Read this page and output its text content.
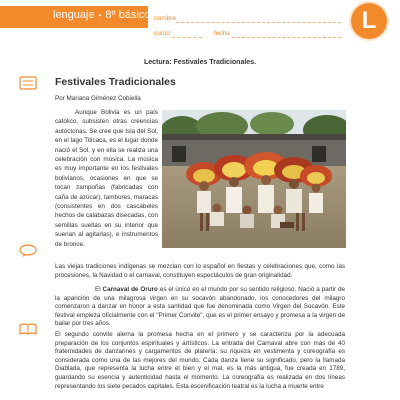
lenguaje • 8º básico nombre
curso	fecha	L
Lectura: Festivales Tradicionales.
Festivales Tradicionales
Por Mariana Giménez Cobiella
Aunque Bolivia es un país católico, subsisten otras creencias autóctonas. Se cree que Isla del Sol, en el lago Titicaca, es el lugar donde nació el Sol, y en ella se realiza una celebración con música. La música es muy importante en los festivales bolivianos, ocasiones en que se tocan zampoñas (fabricadas con caña de azúcar), tambores, maracas (consistentes en dos cascabeles hechos de calabazas disecadas, con semillas sueltas en su interior que suenan al agitarlas), e instrumentos de bronce.
Las viejas tradiciones indígenas se mezclan con lo español en fiestas y celebraciones que, como las procesiones, la Navidad o el carnaval, constituyen espectáculos de gran originalidad.
El Carnaval de Oruro es el único en el mundo por su sentido religioso. Nació a partir de la aparición de una milagrosa virgen en su socavón abandonado, los conocedores del milagro comenzaron a danzar en honor a esta santidad que fue denominada como Virgen del Socavón. Este festival empieza oficialmente con el "Primer Convite", que es el primer ensayo y promesa a la virgen de bailar por tres años.
El segundo convite alerna la promesa hecha en el primero y se caracteriza por la adecuada preparación de los conjuntos espirituales y artísticos. La entrada del Carnaval abre con más de 40 fraternidades de danzarines y cargamentos de platería: su riqueza en vestimenta y coreografía es considerada como una de las mejores del mundo. Cada danza tiene su significado, pero la llamada Diablada, que representa la lucha entre el bien y el mal, es la más antigua, fue creada en 1789, guardando su esencia y autenticidad hasta el momento. La coreografía es realizada en dos líneas representando los siete pecados capitales. Esta escenificación teatral es la lucha a muerte entre
